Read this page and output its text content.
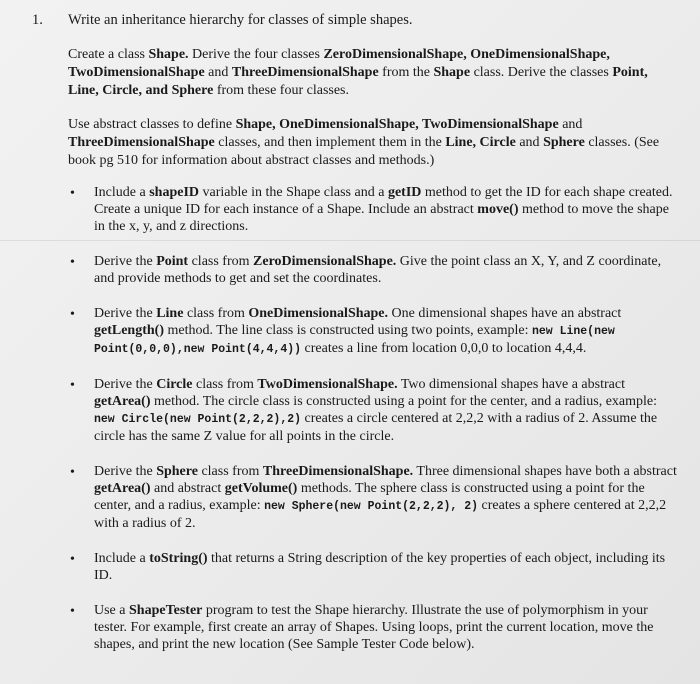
1. Write an inheritance hierarchy for classes of simple shapes.
Create a class Shape. Derive the four classes ZeroDimensionalShape, OneDimensionalShape, TwoDimensionalShape and ThreeDimensionalShape from the Shape class. Derive the classes Point, Line, Circle, and Sphere from these four classes.
Use abstract classes to define Shape, OneDimensionalShape, TwoDimensionalShape and ThreeDimensionalShape classes, and then implement them in the Line, Circle and Sphere classes. (See book pg 510 for information about abstract classes and methods.)
• Include a shapeID variable in the Shape class and a getID method to get the ID for each shape created. Create a unique ID for each instance of a Shape. Include an abstract move() method to move the shape in the x, y, and z directions.
• Derive the Point class from ZeroDimensionalShape. Give the point class an X, Y, and Z coordinate, and provide methods to get and set the coordinates.
• Derive the Line class from OneDimensionalShape. One dimensional shapes have an abstract getLength() method. The line class is constructed using two points, example: new Line(new Point(0,0,0),new Point(4,4,4)) creates a line from location 0,0,0 to location 4,4,4.
• Derive the Circle class from TwoDimensionalShape. Two dimensional shapes have a abstract getArea() method. The circle class is constructed using a point for the center, and a radius, example: new Circle(new Point(2,2,2),2) creates a circle centered at 2,2,2 with a radius of 2. Assume the circle has the same Z value for all points in the circle.
• Derive the Sphere class from ThreeDimensionalShape. Three dimensional shapes have both a abstract getArea() and abstract getVolume() methods. The sphere class is constructed using a point for the center, and a radius, example: new Sphere(new Point(2,2,2), 2) creates a sphere centered at 2,2,2 with a radius of 2.
• Include a toString() that returns a String description of the key properties of each object, including its ID.
• Use a ShapeTester program to test the Shape hierarchy. Illustrate the use of polymorphism in your tester. For example, first create an array of Shapes. Using loops, print the current location, move the shapes, and print the new location (See Sample Tester Code below).
